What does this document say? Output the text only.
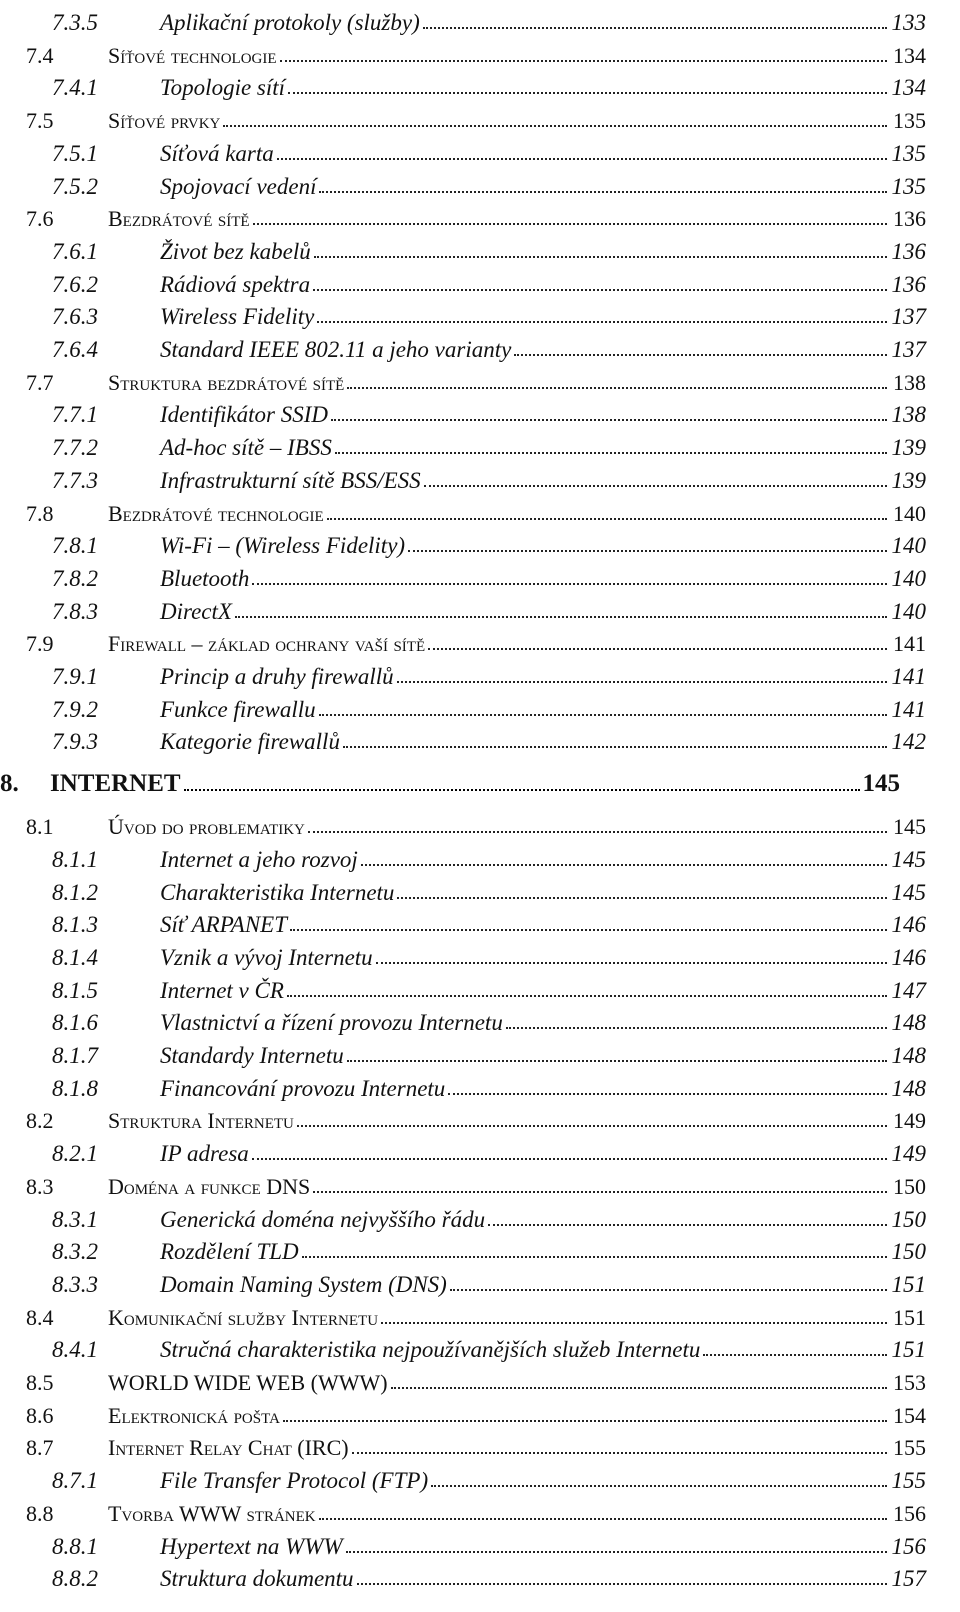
7.3.5	Aplikační protokoly (služby)	133
7.4 Síťové technologie	134
7.4.1	Topologie sítí	134
7.5 Síťové prvky	135
7.5.1	Síťová karta	135
7.5.2	Spojovací vedení	135
7.6 Bezdrátové sítě	136
7.6.1	Život bez kabelů	136
7.6.2	Rádiová spektra	136
7.6.3	Wireless Fidelity	137
7.6.4	Standard IEEE 802.11 a jeho varianty	137
7.7 Struktura bezdrátové sítě	138
7.7.1	Identifikátor SSID	138
7.7.2	Ad-hoc sítě – IBSS	139
7.7.3	Infrastrukturní sítě BSS/ESS	139
7.8 Bezdrátové technologie	140
7.8.1	Wi-Fi – (Wireless Fidelity)	140
7.8.2	Bluetooth	140
7.8.3	DirectX	140
7.9 Firewall – základ ochrany vaší sítě	141
7.9.1	Princip a druhy firewallů	141
7.9.2	Funkce firewallu	141
7.9.3	Kategorie firewallů	142
8. INTERNET	145
8.1 Úvod do problematiky	145
8.1.1	Internet a jeho rozvoj	145
8.1.2	Charakteristika Internetu	145
8.1.3	Síť ARPANET	146
8.1.4	Vznik a vývoj Internetu	146
8.1.5	Internet v ČR	147
8.1.6	Vlastnictví a řízení provozu Internetu	148
8.1.7	Standardy Internetu	148
8.1.8	Financování provozu Internetu	148
8.2 Struktura Internetu	149
8.2.1	IP adresa	149
8.3 Doména a funkce DNS	150
8.3.1	Generická doména nejvyššího řádu	150
8.3.2	Rozdělení TLD	150
8.3.3	Domain Naming System (DNS)	151
8.4 Komunikační služby Internetu	151
8.4.1	Stručná charakteristika nejpoužívanějších služeb Internetu	151
8.5 WORLD WIDE WEB (WWW)	153
8.6 Elektronická pošta	154
8.7 Internet Relay Chat (IRC)	155
8.7.1	File Transfer Protocol (FTP)	155
8.8 Tvorba WWW stránek	156
8.8.1	Hypertext na WWW	156
8.8.2	Struktura dokumentu	157
